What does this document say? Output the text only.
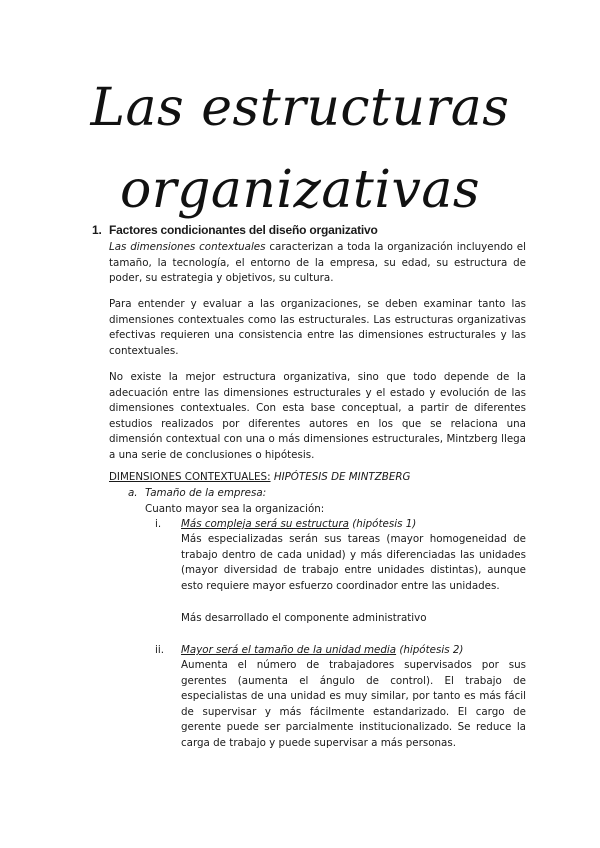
Las estructuras
organizativas
1. Factores condicionantes del diseño organizativo
Las dimensiones contextuales caracterizan a toda la organización incluyendo el tamaño, la tecnología, el entorno de la empresa, su edad, su estructura de poder, su estrategia y objetivos, su cultura.
Para entender y evaluar a las organizaciones, se deben examinar tanto las dimensiones contextuales como las estructurales. Las estructuras organizativas efectivas requieren una consistencia entre las dimensiones estructurales y las contextuales.
No existe la mejor estructura organizativa, sino que todo depende de la adecuación entre las dimensiones estructurales y el estado y evolución de las dimensiones contextuales. Con esta base conceptual, a partir de diferentes estudios realizados por diferentes autores en los que se relaciona una dimensión contextual con una o más dimensiones estructurales, Mintzberg llega a una serie de conclusiones o hipótesis.
DIMENSIONES CONTEXTUALES: HIPÓTESIS DE MINTZBERG
a. Tamaño de la empresa:
Cuanto mayor sea la organización:
i. Más compleja será su estructura (hipótesis 1)
Más especializadas serán sus tareas (mayor homogeneidad de trabajo dentro de cada unidad) y más diferenciadas las unidades (mayor diversidad de trabajo entre unidades distintas), aunque esto requiere mayor esfuerzo coordinador entre las unidades.
Más desarrollado el componente administrativo
ii. Mayor será el tamaño de la unidad media (hipótesis 2)
Aumenta el número de trabajadores supervisados por sus gerentes (aumenta el ángulo de control). El trabajo de especialistas de una unidad es muy similar, por tanto es más fácil de supervisar y más fácilmente estandarizado. El cargo de gerente puede ser parcialmente institucionalizado. Se reduce la carga de trabajo y puede supervisar a más personas.
